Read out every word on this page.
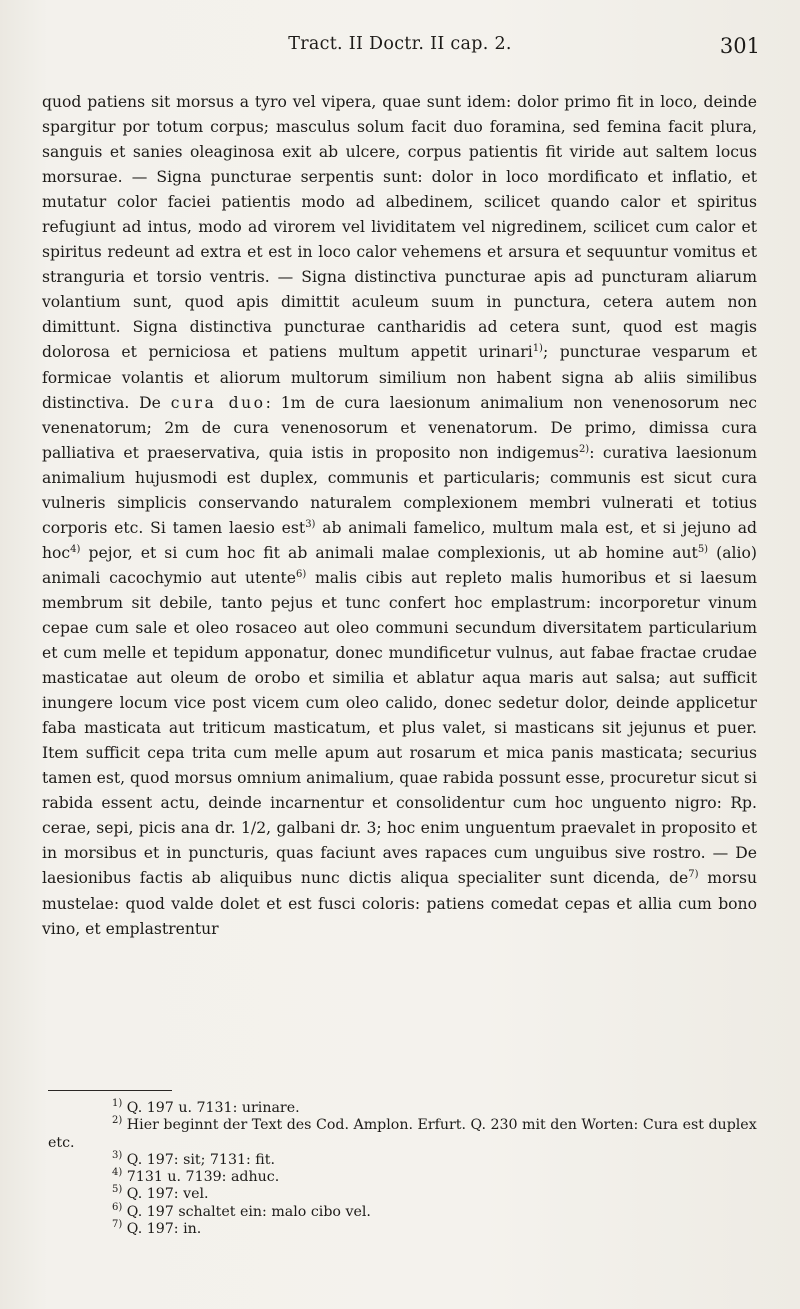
Tract. II Doctr. II cap. 2.	301

quod patiens sit morsus a tyro vel vipera, quae sunt idem: dolor primo fit in loco, deinde spargitur por totum corpus; masculus solum facit duo foramina, sed femina facit plura, sanguis et sanies oleaginosa exit ab ulcere, corpus patientis fit viride aut saltem locus morsurae. — Signa puncturae serpentis sunt: dolor in loco mordificato et inflatio, et mutatur color faciei patientis modo ad albedinem, scilicet quando calor et spiritus refugiunt ad intus, modo ad virorem vel lividitatem vel nigredinem, scilicet cum calor et spiritus redeunt ad extra et est in loco calor vehemens et arsura et sequuntur vomitus et stranguria et torsio ventris. — Signa distinctiva puncturae apis ad puncturam aliarum volantium sunt, quod apis dimittit aculeum suum in punctura, cetera autem non dimittunt. Signa distinctiva puncturae cantharidis ad cetera sunt, quod est magis dolorosa et perniciosa et patiens multum appetit urinari$^{1)}$; puncturae vesparum et formicae volantis et aliorum multorum similium non habent signa ab aliis similibus distinctiva. De cura duo: 1m de cura laesionum animalium non venenosorum nec venenatorum; 2m de cura venenosorum et venenatorum. De primo, dimissa cura palliativa et praeservativa, quia istis in proposito non indigemus$^{2)}$: curativa laesionum animalium hujusmodi est duplex, communis et particularis; communis est sicut cura vulneris simplicis conservando naturalem complexionem membri vulnerati et totius corporis etc. Si tamen laesio est$^{3)}$ ab animali famelico, multum mala est, et si jejuno ad hoc$^{4)}$ pejor, et si cum hoc fit ab animali malae complexionis, ut ab homine aut$^{5)}$ (alio) animali cacochymio aut utente$^{6)}$ malis cibis aut repleto malis humoribus et si laesum membrum sit debile, tanto pejus et tunc confert hoc emplastrum: incorporetur vinum cepae cum sale et oleo rosaceo aut oleo communi secundum diversitatem particularium et cum melle et tepidum apponatur, donec mundificetur vulnus, aut fabae fractae crudae masticatae aut oleum de orobo et similia et ablatur aqua maris aut salsa; aut sufficit inungere locum vice post vicem cum oleo calido, donec sedetur dolor, deinde applicetur faba masticata aut triticum masticatum, et plus valet, si masticans sit jejunus et puer. Item sufficit cepa trita cum melle apum aut rosarum et mica panis masticata; securius tamen est, quod morsus omnium animalium, quae rabida possunt esse, procuretur sicut si rabida essent actu, deinde incarnentur et consolidentur cum hoc unguento nigro: Rp. cerae, sepi, picis ana dr. 1/2, galbani dr. 3; hoc enim unguentum praevalet in proposito et in morsibus et in puncturis, quas faciunt aves rapaces cum unguibus sive rostro. — De laesionibus factis ab aliquibus nunc dictis aliqua specialiter sunt dicenda, $de^{7)}$ morsu mustelae: quod valde dolet et est fusci coloris: patiens comedat cepas et allia cum bono vino, et emplastrentur

$^{1)}$ Q. 197 u. 7131: urinare.
$^{2)}$ Hier beginnt der Text des Cod. Amplon. Erfurt. Q. 230 mit den Worten: Cura est duplex etc.
$^{3)}$ Q. 197: sit; 7131: fit.
$^{4)}$ 7131 u. 7139: adhuc.
$^{5)}$ Q. 197: vel.
$^{6)}$ Q. 197 schaltet ein: malo cibo vel.
$^{7)}$ Q. 197: in.
